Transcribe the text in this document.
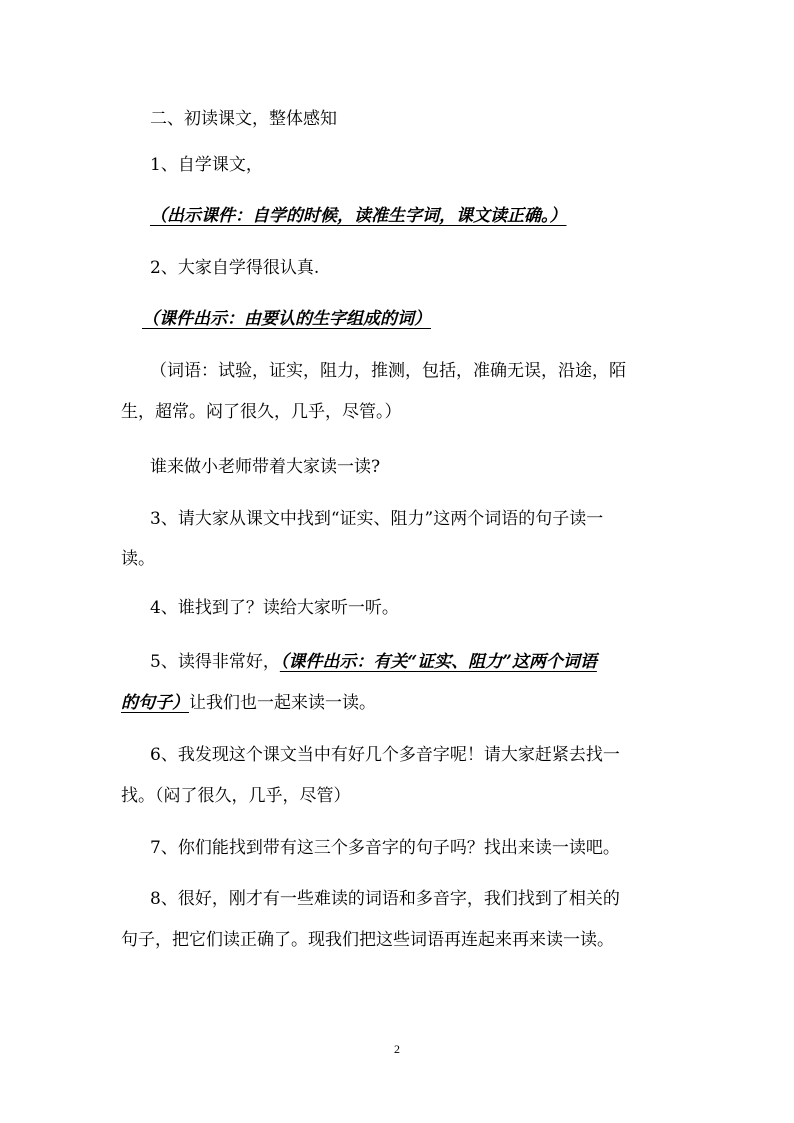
二、初读课文，整体感知
1、自学课文，
（出示课件：自学的时候，读准生字词，课文读正确。）
2、大家自学得很认真.
（课件出示：由要认的生字组成的词）
（词语：试验，证实，阻力，推测，包括，准确无误，沿途，陌
生，超常。闷了很久，几乎，尽管。）
谁来做小老师带着大家读一读?
3、请大家从课文中找到“证实、阻力”这两个词语的句子读一
读。
4、谁找到了？读给大家听一听。
5、读得非常好，（课件出示：有关“证实、阻力”这两个词语
的句子）让我们也一起来读一读。
6、我发现这个课文当中有好几个多音字呢！请大家赶紧去找一
找。（闷了很久，几乎，尽管）
7、你们能找到带有这三个多音字的句子吗？找出来读一读吧。
8、很好，刚才有一些难读的词语和多音字，我们找到了相关的
句子，把它们读正确了。现我们把这些词语再连起来再来读一读。
2
